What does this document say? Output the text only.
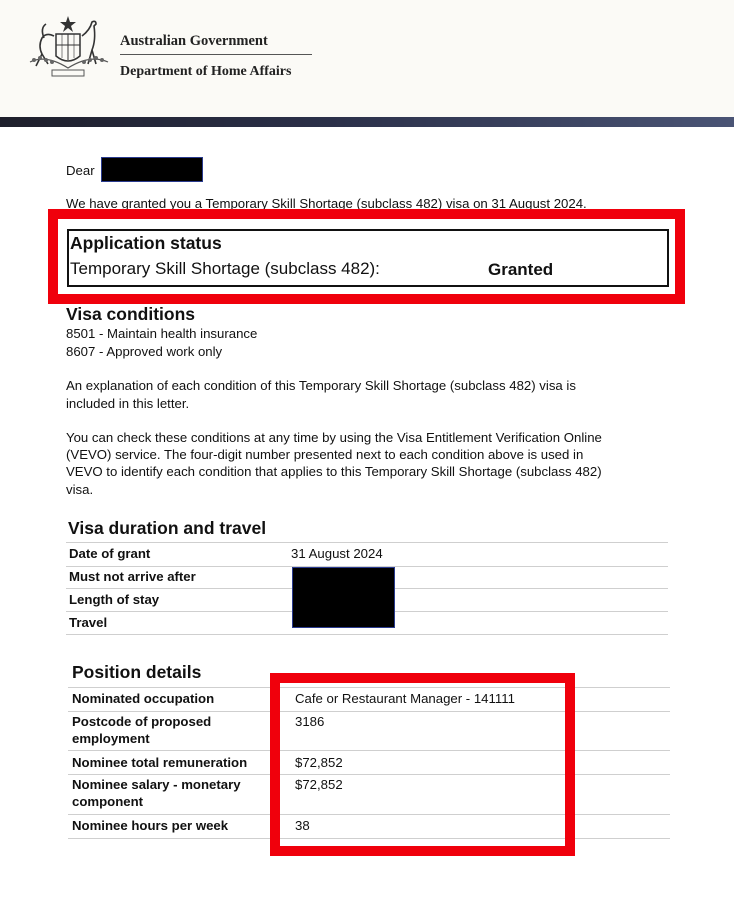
Australian Government
Department of Home Affairs
Dear
We have granted you a Temporary Skill Shortage (subclass 482) visa on 31 August 2024.
Application status
Temporary Skill Shortage (subclass 482):	Granted
Visa conditions
8501 - Maintain health insurance
8607 - Approved work only
An explanation of each condition of this Temporary Skill Shortage (subclass 482) visa is
included in this letter.
You can check these conditions at any time by using the Visa Entitlement Verification Online
(VEVO) service. The four-digit number presented next to each condition above is used in
VEVO to identify each condition that applies to this Temporary Skill Shortage (subclass 482)
visa.
Visa duration and travel
Date of grant	31 August 2024
Must not arrive after
Length of stay
Travel
Position details
Nominated occupation	Cafe or Restaurant Manager - 141111
Postcode of proposed
employment
3186
Nominee total remuneration	$72,852
Nominee salary - monetary
component
$72,852
Nominee hours per week	38
